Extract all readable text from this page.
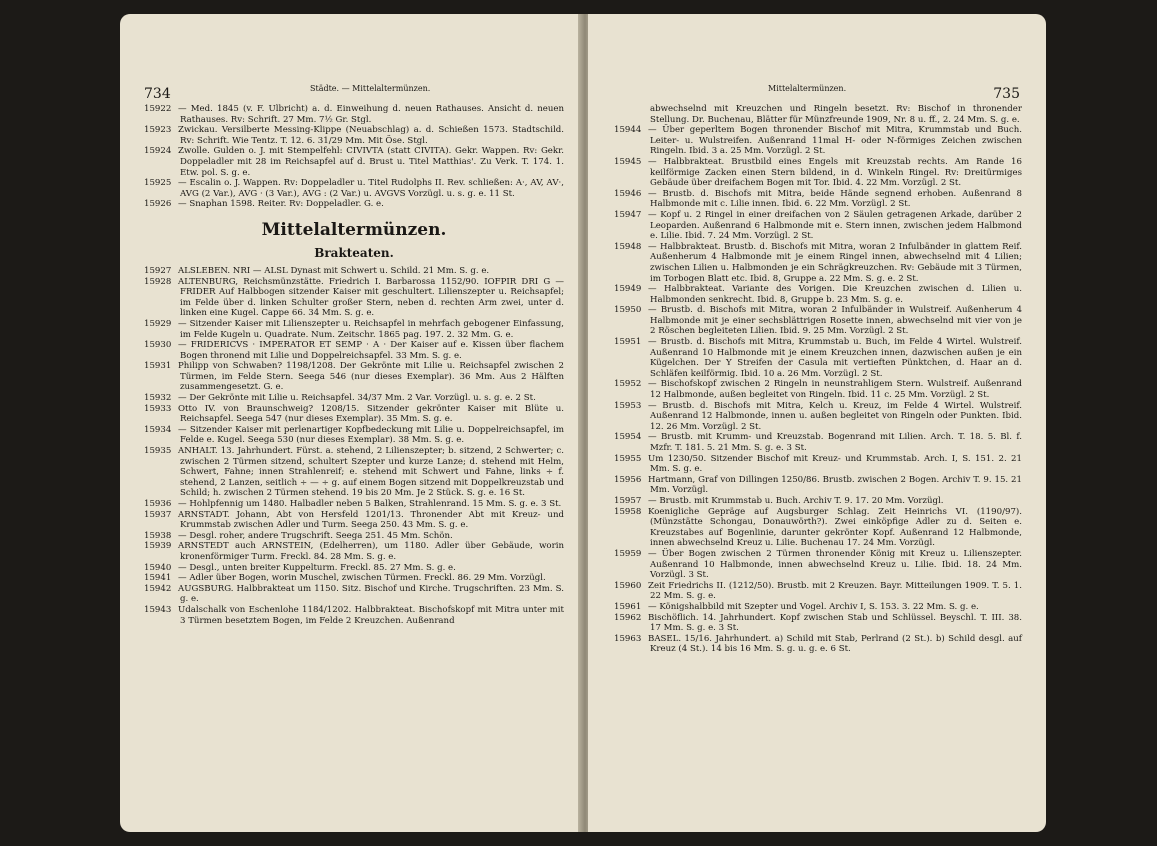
734	Städte. — Mittelaltermünzen.

15922 — Med. 1845 (v. F. Ulbricht) a. d. Einweihung d. neuen Rathauses. Ansicht d. neuen Rathauses. Rv: Schrift. 27 Mm. 7½ Gr. Stgl.

15923 Zwickau. Versilberte Messing-Klippe (Neuabschlag) a. d. Schießen 1573. Stadtschild. Rv: Schrift. Wie Tentz. T. 12. 6. 31/29 Mm. Mit Öse. Stgl.

15924 Zwolle. Gulden o. J. mit Stempelfehl: CIVIVTA (statt CIVITA). Gekr. Wappen. Rv: Gekr. Doppeladler mit 28 im Reichsapfel auf d. Brust u. Titel Matthias'. Zu Verk. T. 174. 1. Etw. pol. S. g. e.

15925 — Escalin o. J. Wappen. Rv: Doppeladler u. Titel Rudolphs II. Rev. schließen: A·, AV, AV·, AVG (2 Var.), AVG · (3 Var.), AVG : (2 Var.) u. AVGVS Vorzügl. u. s. g. e. 11 St.

15926 — Snaphan 1598. Reiter. Rv: Doppeladler. G. e.

Mittelaltermünzen.
Brakteaten.

15927 ALSLEBEN. NRI — ALSL Dynast mit Schwert u. Schild. 21 Mm. S. g. e.

15928 ALTENBURG, Reichsmünzstätte. Friedrich I. Barbarossa 1152/90. IOFPIR DRI G — FRIDER Auf Halbbogen sitzender Kaiser mit geschultert. Lilienszepter u. Reichsapfel; im Felde über d. linken Schulter großer Stern, neben d. rechten Arm zwei, unter d. linken eine Kugel. Cappe 66. 34 Mm. S. g. e.

15929 — Sitzender Kaiser mit Lilienszepter u. Reichsapfel in mehrfach gebogener Einfassung, im Felde Kugeln u. Quadrate. Num. Zeitschr. 1865 pag. 197. 2. 32 Mm. G. e.

15930 — FRIDERICVS · IMPERATOR ET SEMP · A · Der Kaiser auf e. Kissen über flachem Bogen thronend mit Lilie und Doppelreichsapfel. 33 Mm. S. g. e.

15931 Philipp von Schwaben? 1198/1208. Der Gekrönte mit Lilie u. Reichsapfel zwischen 2 Türmen, im Felde Stern. Seega 546 (nur dieses Exemplar). 36 Mm. Aus 2 Hälften zusammengesetzt. G. e.

15932 — Der Gekrönte mit Lilie u. Reichsapfel. 34/37 Mm. 2 Var. Vorzügl. u. s. g. e. 2 St.

15933 Otto IV. von Braunschweig? 1208/15. Sitzender gekrönter Kaiser mit Blüte u. Reichsapfel. Seega 547 (nur dieses Exemplar). 35 Mm. S. g. e.

15934 — Sitzender Kaiser mit perlenartiger Kopfbedeckung mit Lilie u. Doppelreichsapfel, im Felde e. Kugel. Seega 530 (nur dieses Exemplar). 38 Mm. S. g. e.

15935 ANHALT. 13. Jahrhundert. Fürst. a. stehend, 2 Lilienszepter; b. sitzend, 2 Schwerter; c. zwischen 2 Türmen sitzend, schultert Szepter und kurze Lanze; d. stehend mit Helm, Schwert, Fahne; innen Strahlenreif; e. stehend mit Schwert und Fahne, links ÷ f. stehend, 2 Lanzen, seitlich ÷ — ÷ g. auf einem Bogen sitzend mit Doppelkreuzstab und Schild; h. zwischen 2 Türmen stehend. 19 bis 20 Mm. Je 2 Stück. S. g. e. 16 St.

15936 — Hohlpfennig um 1480. Halbadler neben 5 Balken, Strahlenrand. 15 Mm. S. g. e. 3 St.

15937 ARNSTADT. Johann, Abt von Hersfeld 1201/13. Thronender Abt mit Kreuz- und Krummstab zwischen Adler und Turm. Seega 250. 43 Mm. S. g. e.

15938 — Desgl. roher, andere Trugschrift. Seega 251. 45 Mm. Schön.

15939 ARNSTEDT auch ARNSTEIN, (Edelherren), um 1180. Adler über Gebäude, worin kronenförmiger Turm. Freckl. 84. 28 Mm. S. g. e.

15940 — Desgl., unten breiter Kuppelturm. Freckl. 85. 27 Mm. S. g. e.

15941 — Adler über Bogen, worin Muschel, zwischen Türmen. Freckl. 86. 29 Mm. Vorzügl.

15942 AUGSBURG. Halbbrakteat um 1150. Sitz. Bischof und Kirche. Trugschriften. 23 Mm. S. g. e.

15943 Udalschalk von Eschenlohe 1184/1202. Halbbrakteat. Bischofskopf mit Mitra unter mit 3 Türmen besetztem Bogen, im Felde 2 Kreuzchen. Außenrand

Mittelaltermünzen.	735

abwechselnd mit Kreuzchen und Ringeln besetzt. Rv: Bischof in thronender Stellung. Dr. Buchenau, Blätter für Münzfreunde 1909, Nr. 8 u. ff., 2. 24 Mm. S. g. e.

15944 — Über geperltem Bogen thronender Bischof mit Mitra, Krummstab und Buch. Leiter- u. Wulstreifen. Außenrand 11mal H- oder N-förmiges Zeichen zwischen Ringeln. Ibid. 3 a. 25 Mm. Vorzügl. 2 St.

15945 — Halbbrakteat. Brustbild eines Engels mit Kreuzstab rechts. Am Rande 16 keilförmige Zacken einen Stern bildend, in d. Winkeln Ringel. Rv: Dreitürmiges Gebäude über dreifachem Bogen mit Tor. Ibid. 4. 22 Mm. Vorzügl. 2 St.

15946 — Brustb. d. Bischofs mit Mitra, beide Hände segnend erhoben. Außenrand 8 Halbmonde mit c. Lilie innen. Ibid. 6. 22 Mm. Vorzügl. 2 St.

15947 — Kopf u. 2 Ringel in einer dreifachen von 2 Säulen getragenen Arkade, darüber 2 Leoparden. Außenrand 6 Halbmonde mit e. Stern innen, zwischen jedem Halbmond e. Lilie. Ibid. 7. 24 Mm. Vorzügl. 2 St.

15948 — Halbbrakteat. Brustb. d. Bischofs mit Mitra, woran 2 Infulbänder in glattem Reif. Außenherum 4 Halbmonde mit je einem Ringel innen, abwechselnd mit 4 Lilien; zwischen Lilien u. Halbmonden je ein Schrägkreuzchen. Rv: Gebäude mit 3 Türmen, im Torbogen Blatt etc. Ibid. 8, Gruppe a. 22 Mm. S. g. e. 2 St.

15949 — Halbbrakteat. Variante des Vorigen. Die Kreuzchen zwischen d. Lilien u. Halbmonden senkrecht. Ibid. 8, Gruppe b. 23 Mm. S. g. e.

15950 — Brustb. d. Bischofs mit Mitra, woran 2 Infulbänder in Wulstreif. Außenherum 4 Halbmonde mit je einer sechsblättrigen Rosette innen, abwechselnd mit vier von je 2 Röschen begleiteten Lilien. Ibid. 9. 25 Mm. Vorzügl. 2 St.

15951 — Brustb. d. Bischofs mit Mitra, Krummstab u. Buch, im Felde 4 Wirtel. Wulstreif. Außenrand 10 Halbmonde mit je einem Kreuzchen innen, dazwischen außen je ein Kügelchen. Der Y Streifen der Casula mit vertieften Pünktchen, d. Haar an d. Schläfen keilförmig. Ibid. 10 a. 26 Mm. Vorzügl. 2 St.

15952 — Bischofskopf zwischen 2 Ringeln in neunstrahligem Stern. Wulstreif. Außenrand 12 Halbmonde, außen begleitet von Ringeln. Ibid. 11 c. 25 Mm. Vorzügl. 2 St.

15953 — Brustb. d. Bischofs mit Mitra, Kelch u. Kreuz, im Felde 4 Wirtel. Wulstreif. Außenrand 12 Halbmonde, innen u. außen begleitet von Ringeln oder Punkten. Ibid. 12. 26 Mm. Vorzügl. 2 St.

15954 — Brustb. mit Krumm- und Kreuzstab. Bogenrand mit Lilien. Arch. T. 18. 5. Bl. f. Mzfr. T. 181. 5. 21 Mm. S. g. e. 3 St.

15955 Um 1230/50. Sitzender Bischof mit Kreuz- und Krummstab. Arch. I, S. 151. 2. 21 Mm. S. g. e.

15956 Hartmann, Graf von Dillingen 1250/86. Brustb. zwischen 2 Bogen. Archiv T. 9. 15. 21 Mm. Vorzügl.

15957 — Brustb. mit Krummstab u. Buch. Archiv T. 9. 17. 20 Mm. Vorzügl.

15958 Koenigliche Gepräge auf Augsburger Schlag. Zeit Heinrichs VI. (1190/97). (Münzstätte Schongau, Donauwörth?). Zwei einköpfige Adler zu d. Seiten e. Kreuzstabes auf Bogenlinie, darunter gekrönter Kopf. Außenrand 12 Halbmonde, innen abwechselnd Kreuz u. Lilie. Buchenau 17. 24 Mm. Vorzügl.

15959 — Über Bogen zwischen 2 Türmen thronender König mit Kreuz u. Lilienszepter. Außenrand 10 Halbmonde, innen abwechselnd Kreuz u. Lilie. Ibid. 18. 24 Mm. Vorzügl. 3 St.

15960 Zeit Friedrichs II. (1212/50). Brustb. mit 2 Kreuzen. Bayr. Mitteilungen 1909. T. 5. 1. 22 Mm. S. g. e.

15961 — Königshalbbild mit Szepter und Vogel. Archiv I, S. 153. 3. 22 Mm. S. g. e.

15962 Bischöflich. 14. Jahrhundert. Kopf zwischen Stab und Schlüssel. Beyschl. T. III. 38. 17 Mm. S. g. e. 3 St.

15963 BASEL. 15/16. Jahrhundert. a) Schild mit Stab, Perlrand (2 St.). b) Schild desgl. auf Kreuz (4 St.). 14 bis 16 Mm. S. g. u. g. e. 6 St.
